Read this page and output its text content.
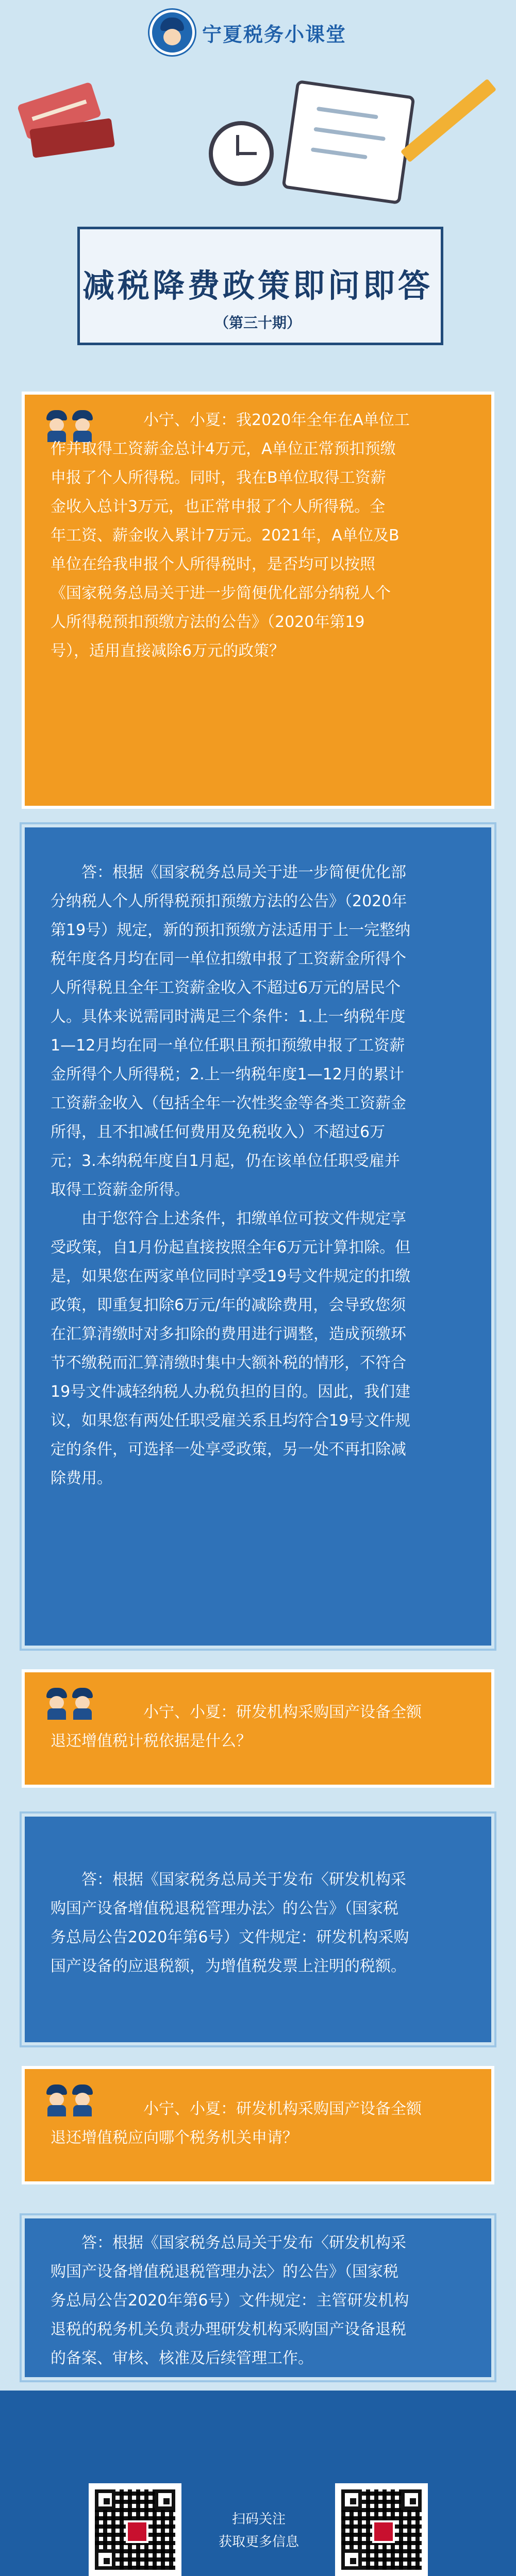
宁夏税务小课堂
减税降费政策即问即答
（第三十期）
小宁、小夏：我2020年全年在A单位工
作并取得工资薪金总计4万元，A单位正常预扣预缴
申报了个人所得税。同时，我在B单位取得工资薪
金收入总计3万元，也正常申报了个人所得税。全
年工资、薪金收入累计7万元。2021年，A单位及B
单位在给我申报个人所得税时，是否均可以按照
《国家税务总局关于进一步简便优化部分纳税人个
人所得税预扣预缴方法的公告》（2020年第19
号），适用直接减除6万元的政策？
答：根据《国家税务总局关于进一步简便优化部
分纳税人个人所得税预扣预缴方法的公告》（2020年
第19号）规定，新的预扣预缴方法适用于上一完整纳
税年度各月均在同一单位扣缴申报了工资薪金所得个
人所得税且全年工资薪金收入不超过6万元的居民个
人。具体来说需同时满足三个条件：1.上一纳税年度
1—12月均在同一单位任职且预扣预缴申报了工资薪
金所得个人所得税；2.上一纳税年度1—12月的累计
工资薪金收入（包括全年一次性奖金等各类工资薪金
所得，且不扣减任何费用及免税收入）不超过6万
元；3.本纳税年度自1月起，仍在该单位任职受雇并
取得工资薪金所得。
由于您符合上述条件，扣缴单位可按文件规定享
受政策，自1月份起直接按照全年6万元计算扣除。但
是，如果您在两家单位同时享受19号文件规定的扣缴
政策，即重复扣除6万元/年的减除费用，会导致您须
在汇算清缴时对多扣除的费用进行调整，造成预缴环
节不缴税而汇算清缴时集中大额补税的情形，不符合
19号文件减轻纳税人办税负担的目的。因此，我们建
议，如果您有两处任职受雇关系且均符合19号文件规
定的条件，可选择一处享受政策，另一处不再扣除减
除费用。
小宁、小夏：研发机构采购国产设备全额
退还增值税计税依据是什么？
答：根据《国家税务总局关于发布〈研发机构采
购国产设备增值税退税管理办法〉的公告》（国家税
务总局公告2020年第6号）文件规定：研发机构采购
国产设备的应退税额，为增值税发票上注明的税额。
小宁、小夏：研发机构采购国产设备全额
退还增值税应向哪个税务机关申请？
答：根据《国家税务总局关于发布〈研发机构采
购国产设备增值税退税管理办法〉的公告》（国家税
务总局公告2020年第6号）文件规定：主管研发机构
退税的税务机关负责办理研发机构采购国产设备退税
的备案、审核、核准及后续管理工作。
扫码关注
获取更多信息
